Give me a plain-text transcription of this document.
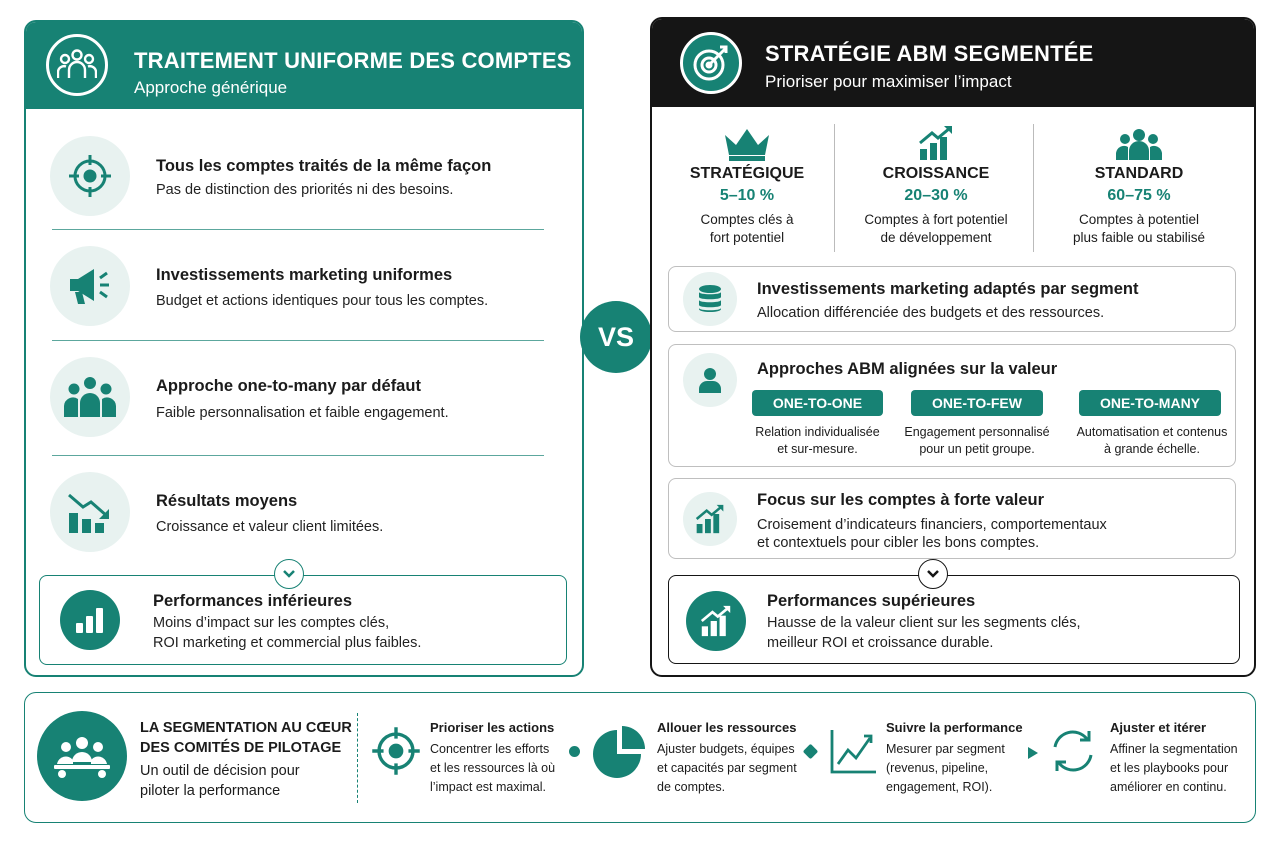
TRAITEMENT UNIFORME DES COMPTES
Approche générique
Tous les comptes traités de la même façon
Pas de distinction des priorités ni des besoins.
Investissements marketing uniformes
Budget et actions identiques pour tous les comptes.
Approche one-to-many par défaut
Faible personnalisation et faible engagement.
Résultats moyens
Croissance et valeur client limitées.
Performances inférieures
Moins d’impact sur les comptes clés,
ROI marketing et commercial plus faibles.
VS
STRATÉGIE ABM SEGMENTÉE
Prioriser pour maximiser l’impact
STRATÉGIQUE
5–10 %
Comptes clés à
fort potentiel
CROISSANCE
20–30 %
Comptes à fort potentiel
de développement
STANDARD
60–75 %
Comptes à potentiel
plus faible ou stabilisé
Investissements marketing adaptés par segment
Allocation différenciée des budgets et des ressources.
Approches ABM alignées sur la valeur
ONE-TO-ONE	ONE-TO-FEW	ONE-TO-MANY
Relation individualisée
et sur-mesure.
Engagement personnalisé
pour un petit groupe.
Automatisation et contenus
à grande échelle.
Focus sur les comptes à forte valeur
Croisement d’indicateurs financiers, comportementaux
et contextuels pour cibler les bons comptes.
Performances supérieures
Hausse de la valeur client sur les segments clés,
meilleur ROI et croissance durable.
LA SEGMENTATION AU CŒUR
DES COMITÉS DE PILOTAGE
Un outil de décision pour
piloter la performance
Prioriser les actions
Concentrer les efforts
et les ressources là où
l’impact est maximal.
Allouer les ressources
Ajuster budgets, équipes
et capacités par segment
de comptes.
Suivre la performance
Mesurer par segment
(revenus, pipeline,
engagement, ROI).
Ajuster et itérer
Affiner la segmentation
et les playbooks pour
améliorer en continu.
